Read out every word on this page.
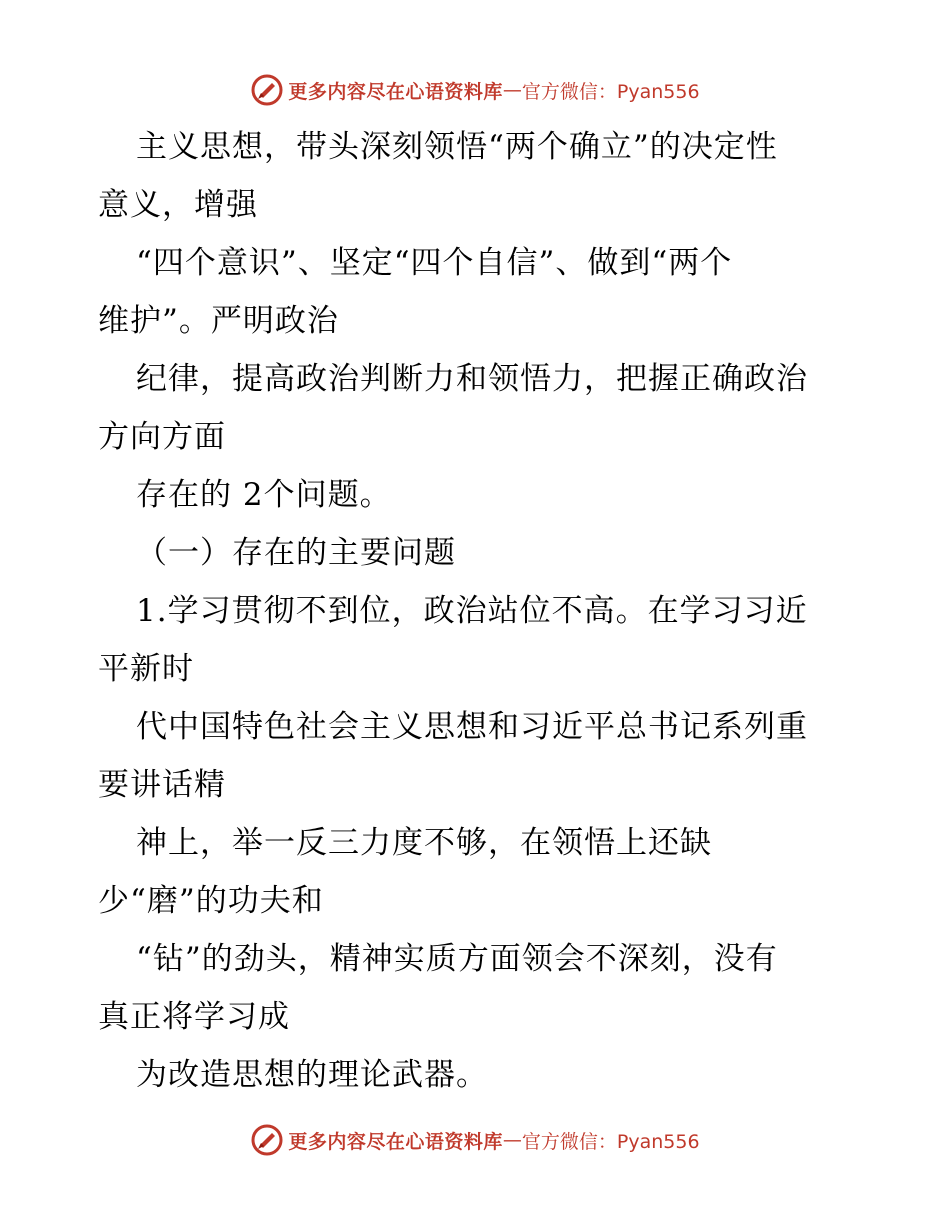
更多内容尽在心语资料库 — 官方微信：Pyan556
主义思想，带头深刻领悟“两个确立”的决定性
意义，增强
“四个意识”、坚定“四个自信”、做到“两个
维护”。严明政治
纪律，提高政治判断力和领悟力，把握正确政治
方向方面
存在的 2个问题。
（一）存在的主要问题
1.学习贯彻不到位，政治站位不高。在学习习近
平新时
代中国特色社会主义思想和习近平总书记系列重
要讲话精
神上，举一反三力度不够，在领悟上还缺
少“磨”的功夫和
“钻”的劲头，精神实质方面领会不深刻，没有
真正将学习成
为改造思想的理论武器。
更多内容尽在心语资料库 — 官方微信：Pyan556
